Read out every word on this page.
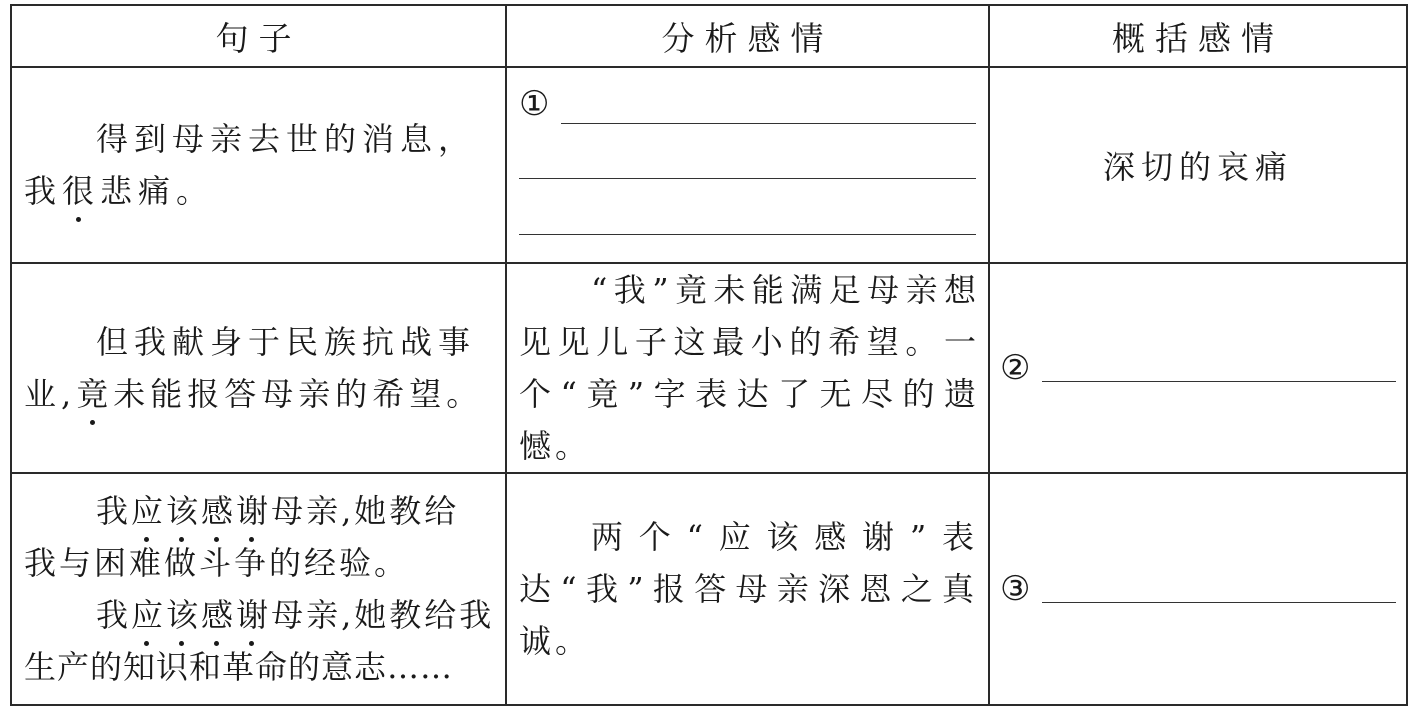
句子	分析感情	概括感情

得到母亲去世的消息，
我很悲痛。	①	深切的哀痛

但我献身于民族抗战事
业,竟未能报答母亲的希望。	“我”竟未能满足母亲想见见儿子这最小的希望。一个“竟”字表达了无尽的遗憾。	②

我应该感谢母亲,她教给
我与困难做斗争的经验。
我应该感谢母亲,她教给我
生产的知识和革命的意志……	两个“应该感谢”表达“我”报答母亲深恩之真诚。	③
